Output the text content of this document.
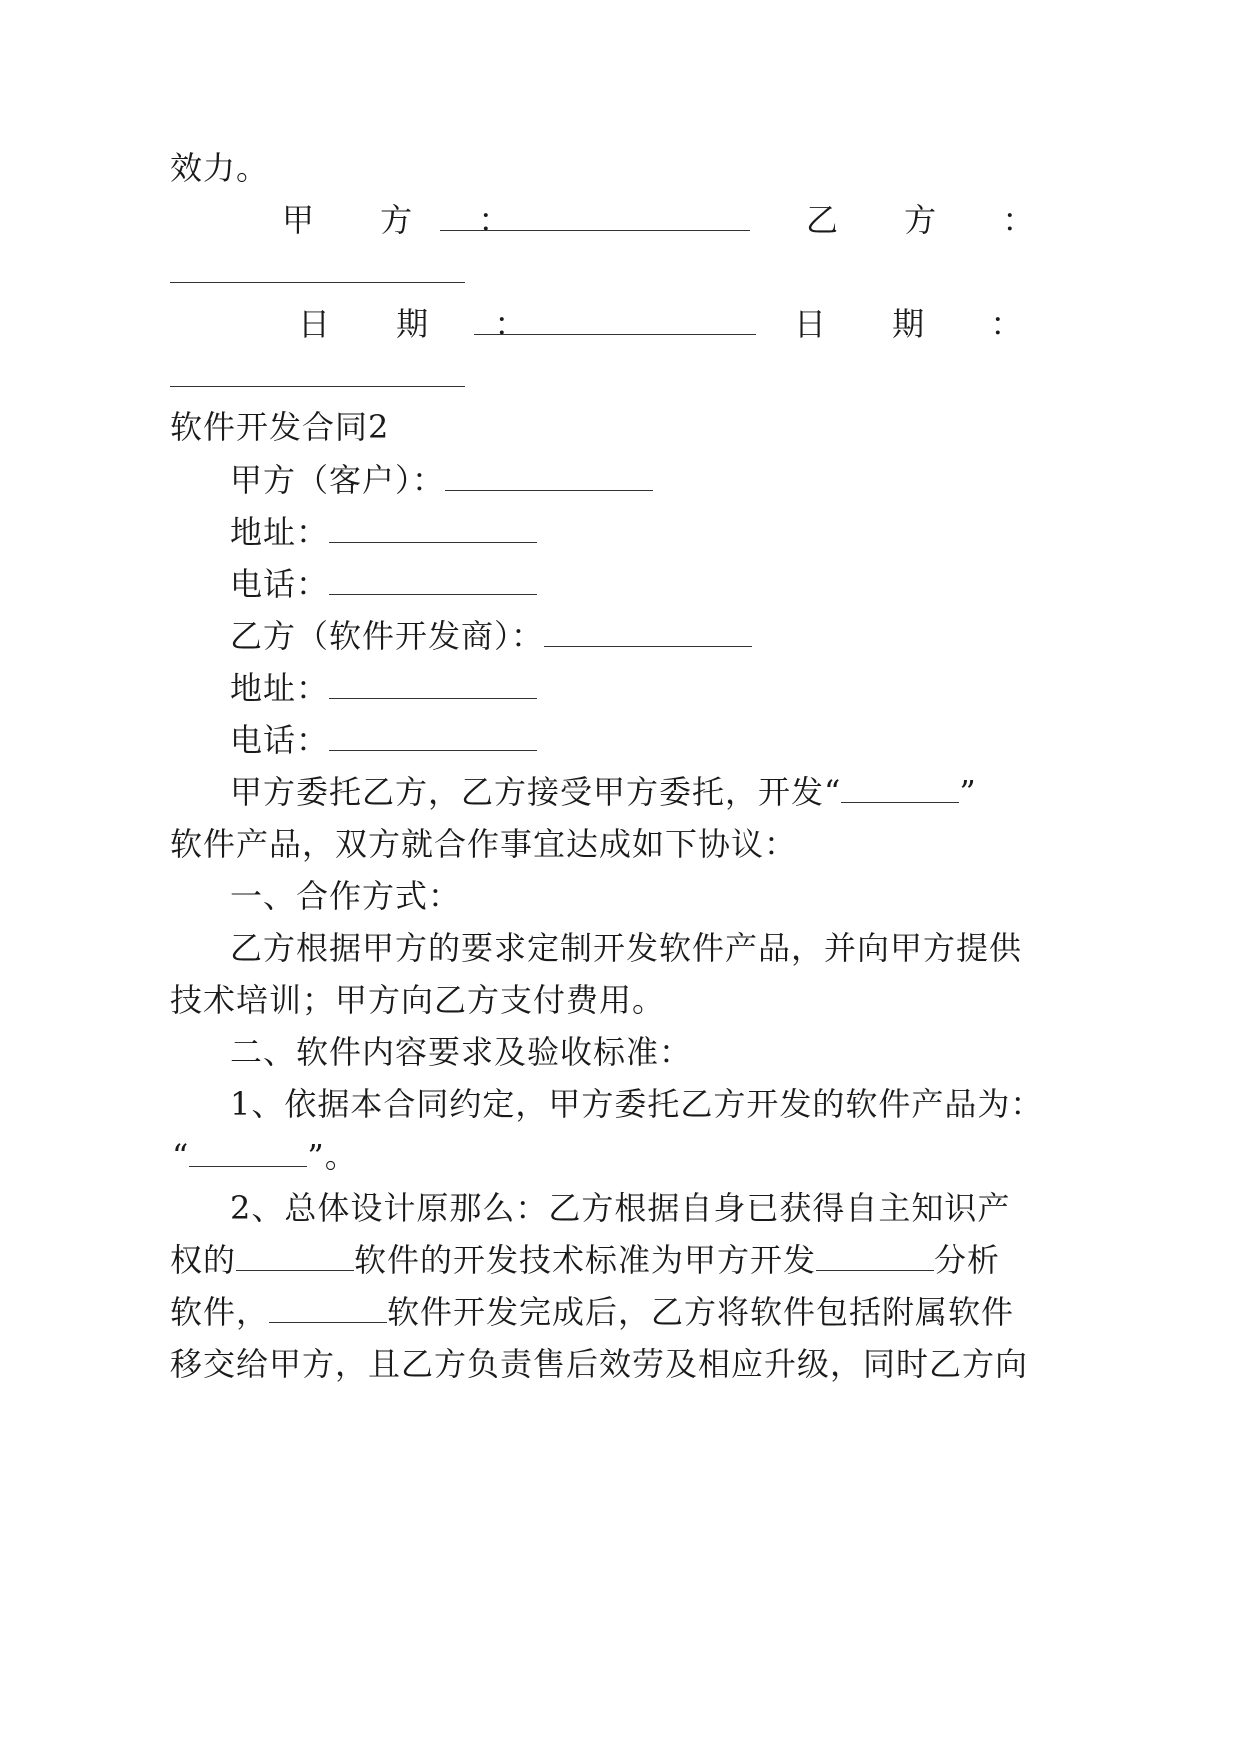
效力。
甲 方 ：	乙 方 ：
日 期 ：	日 期 ：
软件开发合同2
甲方（客户）：
地址：
电话：
乙方（软件开发商）：
地址：
电话：
甲方委托乙方，乙方接受甲方委托，开发“	”
软件产品，双方就合作事宜达成如下协议：
一、合作方式：
乙方根据甲方的要求定制开发软件产品，并向甲方提供
技术培训；甲方向乙方支付费用。
二、软件内容要求及验收标准：
1、依据本合同约定，甲方委托乙方开发的软件产品为：
“	”。
2、总体设计原那么：乙方根据自身已获得自主知识产
权的	软件的开发技术标准为甲方开发	分析
软件，	软件开发完成后，乙方将软件包括附属软件
移交给甲方，且乙方负责售后效劳及相应升级，同时乙方向
